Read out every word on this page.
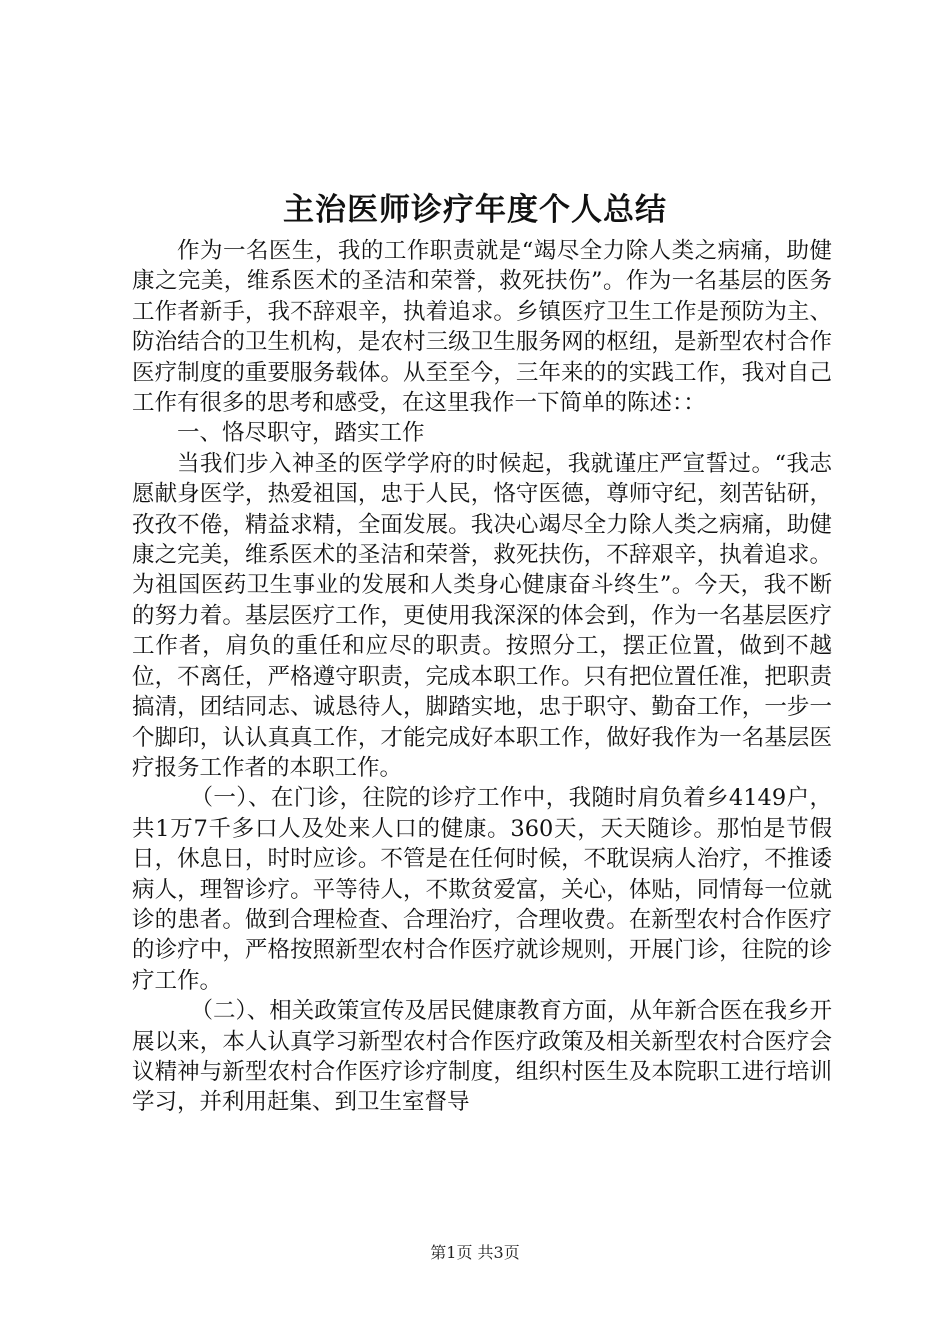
主治医师诊疗年度个人总结

作为一名医生，我的工作职责就是“竭尽全力除人类之病痛，助健康之完美，维系医术的圣洁和荣誉，救死扶伤”。作为一名基层的医务工作者新手，我不辞艰辛，执着追求。乡镇医疗卫生工作是预防为主、防治结合的卫生机构，是农村三级卫生服务网的枢纽，是新型农村合作医疗制度的重要服务载体。从至至今，三年来的的实践工作，我对自己工作有很多的思考和感受，在这里我作一下简单的陈述：：

一、恪尽职守，踏实工作

当我们步入神圣的医学学府的时候起，我就谨庄严宣誓过。“我志愿献身医学，热爱祖国，忠于人民，恪守医德，尊师守纪，刻苦钻研，孜孜不倦，精益求精，全面发展。我决心竭尽全力除人类之病痛，助健康之完美，维系医术的圣洁和荣誉，救死扶伤，不辞艰辛，执着追求。为祖国医药卫生事业的发展和人类身心健康奋斗终生”。今天，我不断的努力着。基层医疗工作，更使用我深深的体会到，作为一名基层医疗工作者，肩负的重任和应尽的职责。按照分工，摆正位置，做到不越位，不离任，严格遵守职责，完成本职工作。只有把位置任准，把职责搞清，团结同志、诚恳待人，脚踏实地，忠于职守、勤奋工作，一步一个脚印，认认真真工作，才能完成好本职工作，做好我作为一名基层医疗报务工作者的本职工作。

（一）、在门诊，往院的诊疗工作中，我随时肩负着乡4149户，共1万7千多口人及处来人口的健康。360天，天天随诊。那怕是节假日，休息日，时时应诊。不管是在任何时候，不耽误病人治疗，不推诿病人，理智诊疗。平等待人，不欺贫爱富，关心，体贴，同情每一位就诊的患者。做到合理检查、合理治疗，合理收费。在新型农村合作医疗的诊疗中，严格按照新型农村合作医疗就诊规则，开展门诊，往院的诊疗工作。

（二）、相关政策宣传及居民健康教育方面，从年新合医在我乡开展以来，本人认真学习新型农村合作医疗政策及相关新型农村合医疗会议精神与新型农村合作医疗诊疗制度，组织村医生及本院职工进行培训学习，并利用赶集、到卫生室督导

第1页 共3页
